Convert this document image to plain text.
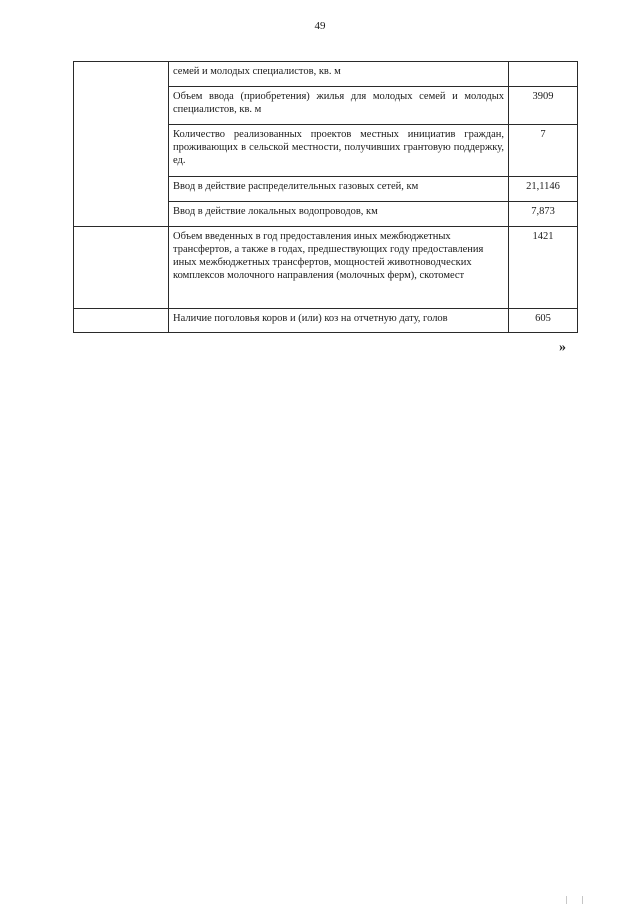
49
	семей и молодых специалистов, кв. м	
	Объем ввода (приобретения) жилья для молодых семей и молодых специалистов, кв. м	3909
	Количество реализованных проектов местных инициатив граждан, проживающих в сельской местности, получивших грантовую поддержку, ед.	7
	Ввод в действие распределительных газовых сетей, км	21,1146
	Ввод в действие локальных водопроводов, км	7,873
	Объем введенных в год предоставления иных межбюджетных трансфертов, а также в годах, предшествующих году предоставления иных межбюджетных трансфертов, мощностей животноводческих комплексов молочного направления (молочных ферм), скотомест	1421
	Наличие поголовья коров и (или) коз на отчетную дату, голов	605
»
| |
